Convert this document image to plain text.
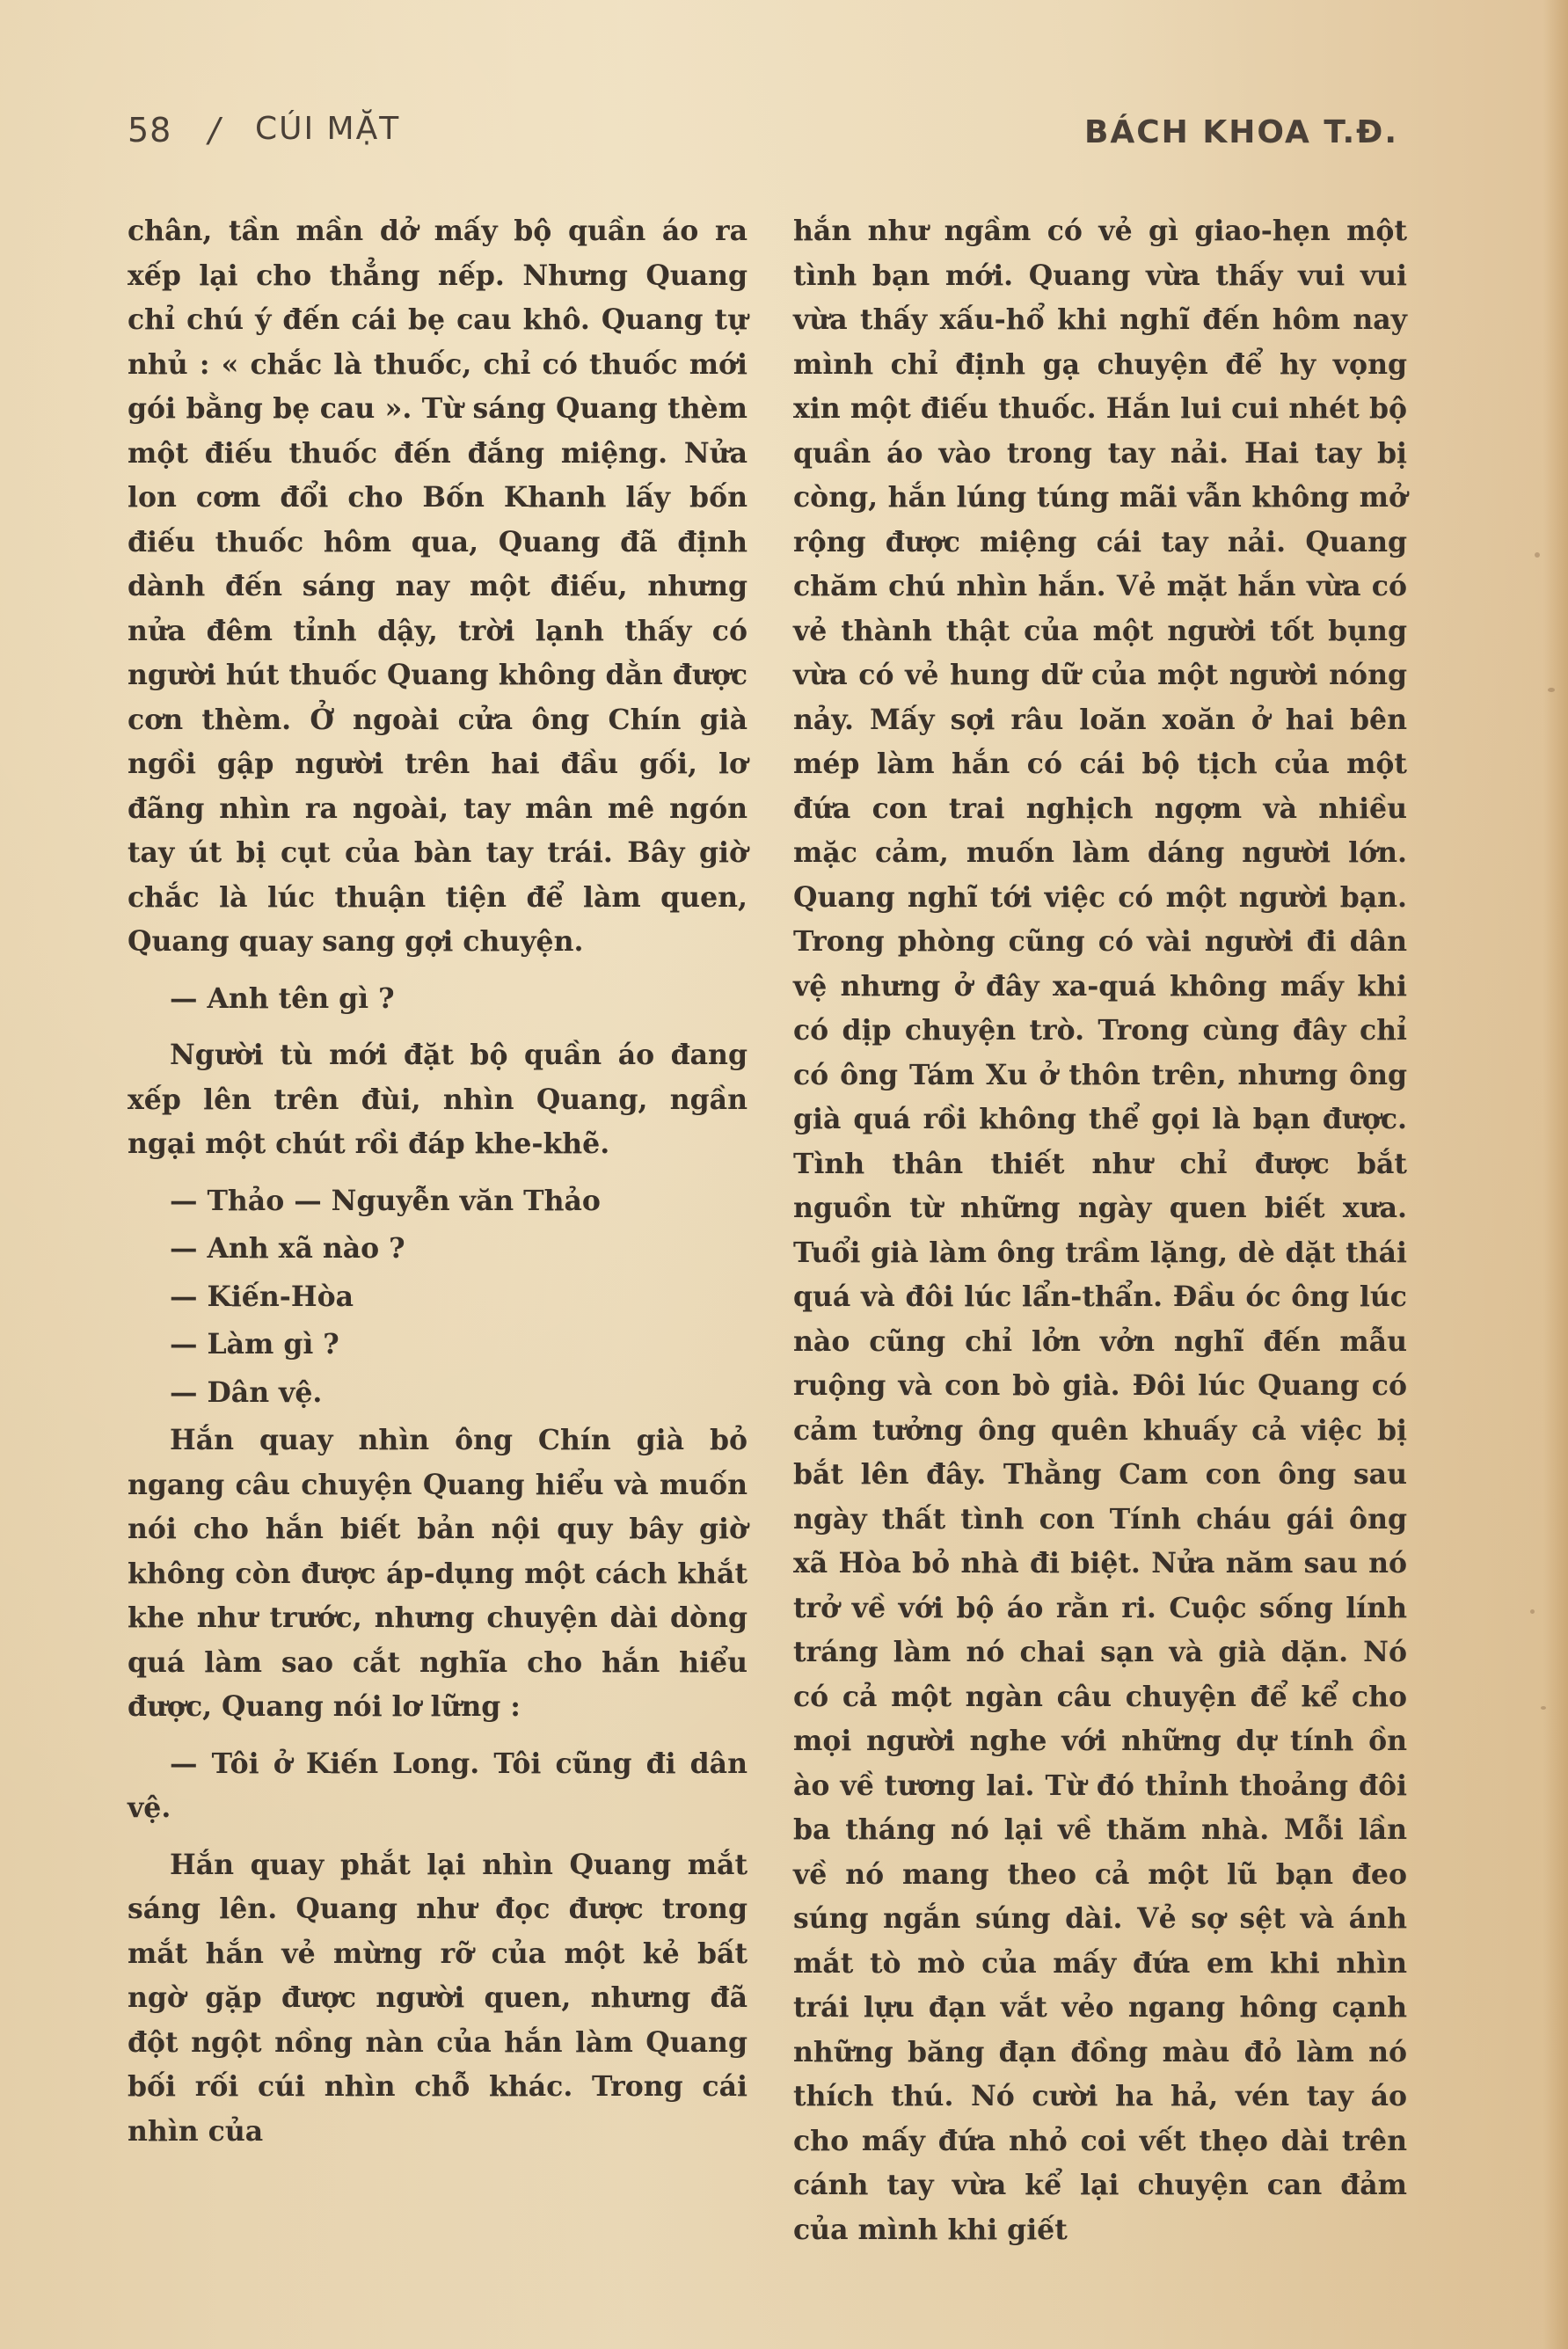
58 / CÚI MẶT	BÁCH KHOA T.Đ.

chân, tần mần dở mấy bộ quần áo ra xếp lại cho thẳng nếp. Nhưng Quang chỉ chú ý đến cái bẹ cau khô. Quang tự nhủ : « chắc là thuốc, chỉ có thuốc mới gói bằng bẹ cau ». Từ sáng Quang thèm một điếu thuốc đến đắng miệng. Nửa lon cơm đổi cho Bốn Khanh lấy bốn điếu thuốc hôm qua, Quang đã định dành đến sáng nay một điếu, nhưng nửa đêm tỉnh dậy, trời lạnh thấy có người hút thuốc Quang không dằn được cơn thèm. Ở ngoài cửa ông Chín già ngồi gập người trên hai đầu gối, lơ đãng nhìn ra ngoài, tay mân mê ngón tay út bị cụt của bàn tay trái. Bây giờ chắc là lúc thuận tiện để làm quen, Quang quay sang gợi chuyện.

— Anh tên gì ?

Người tù mới đặt bộ quần áo đang xếp lên trên đùi, nhìn Quang, ngần ngại một chút rồi đáp khe-khẽ.

— Thảo — Nguyễn văn Thảo

— Anh xã nào ?

— Kiến-Hòa

— Làm gì ?

— Dân vệ.

Hắn quay nhìn ông Chín già bỏ ngang câu chuyện Quang hiểu và muốn nói cho hắn biết bản nội quy bây giờ không còn được áp-dụng một cách khắt khe như trước, nhưng chuyện dài dòng quá làm sao cắt nghĩa cho hắn hiểu được, Quang nói lơ lững :

— Tôi ở Kiến Long. Tôi cũng đi dân vệ.

Hắn quay phắt lại nhìn Quang mắt sáng lên. Quang như đọc được trong mắt hắn vẻ mừng rỡ của một kẻ bất ngờ gặp được người quen, nhưng đã đột ngột nồng nàn của hắn làm Quang bối rối cúi nhìn chỗ khác. Trong cái nhìn của

hắn như ngầm có vẻ gì giao-hẹn một tình bạn mới. Quang vừa thấy vui vui vừa thấy xấu-hổ khi nghĩ đến hôm nay mình chỉ định gạ chuyện để hy vọng xin một điếu thuốc. Hắn lui cui nhét bộ quần áo vào trong tay nải. Hai tay bị còng, hắn lúng túng mãi vẫn không mở rộng được miệng cái tay nải. Quang chăm chú nhìn hắn. Vẻ mặt hắn vừa có vẻ thành thật của một người tốt bụng vừa có vẻ hung dữ của một người nóng nảy. Mấy sợi râu loăn xoăn ở hai bên mép làm hắn có cái bộ tịch của một đứa con trai nghịch ngợm và nhiều mặc cảm, muốn làm dáng người lớn. Quang nghĩ tới việc có một người bạn. Trong phòng cũng có vài người đi dân vệ nhưng ở đây xa-quá không mấy khi có dịp chuyện trò. Trong cùng đây chỉ có ông Tám Xu ở thôn trên, nhưng ông già quá rồi không thể gọi là bạn được. Tình thân thiết như chỉ được bắt nguồn từ những ngày quen biết xưa. Tuổi già làm ông trầm lặng, dè dặt thái quá và đôi lúc lẩn-thẩn. Đầu óc ông lúc nào cũng chỉ lởn vởn nghĩ đến mẫu ruộng và con bò già. Đôi lúc Quang có cảm tưởng ông quên khuấy cả việc bị bắt lên đây. Thằng Cam con ông sau ngày thất tình con Tính cháu gái ông xã Hòa bỏ nhà đi biệt. Nửa năm sau nó trở về với bộ áo rằn ri. Cuộc sống lính tráng làm nó chai sạn và già dặn. Nó có cả một ngàn câu chuyện để kể cho mọi người nghe với những dự tính ồn ào về tương lai. Từ đó thỉnh thoảng đôi ba tháng nó lại về thăm nhà. Mỗi lần về nó mang theo cả một lũ bạn đeo súng ngắn súng dài. Vẻ sợ sệt và ánh mắt tò mò của mấy đứa em khi nhìn trái lựu đạn vắt vẻo ngang hông cạnh những băng đạn đồng màu đỏ làm nó thích thú. Nó cười ha hả, vén tay áo cho mấy đứa nhỏ coi vết thẹo dài trên cánh tay vừa kể lại chuyện can đảm của mình khi giết
